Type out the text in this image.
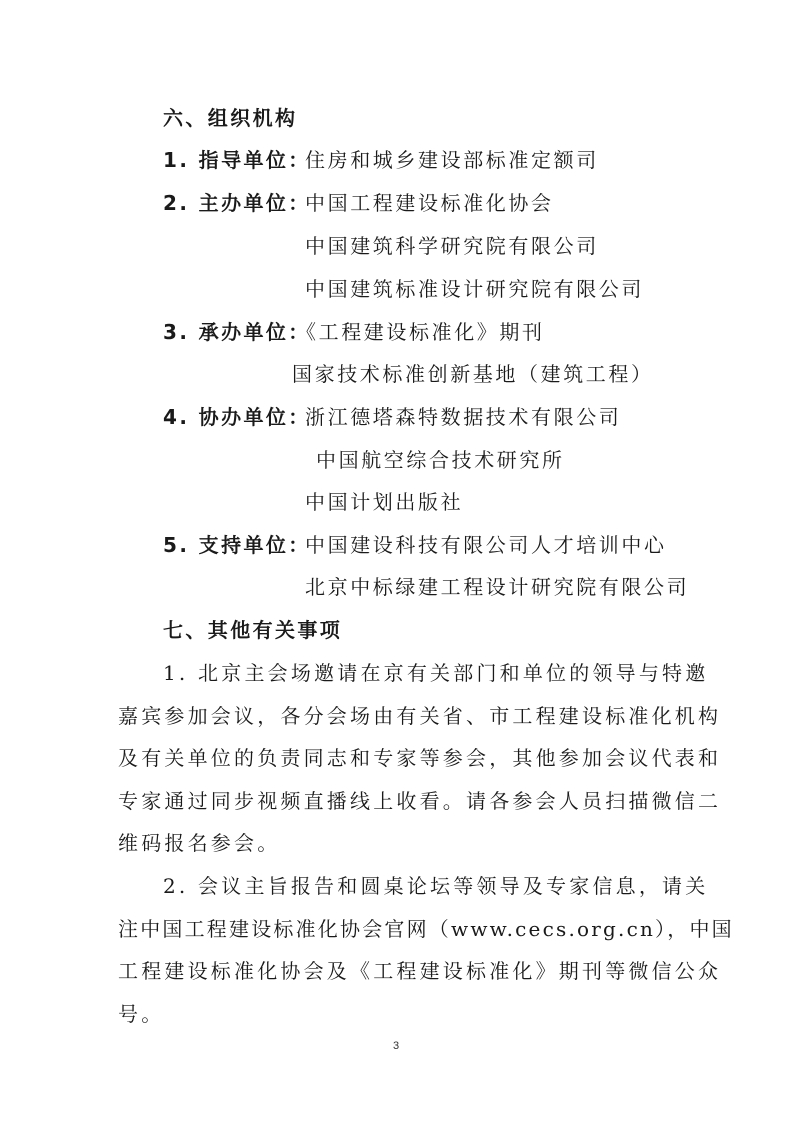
六、组织机构
1. 指导单位：
住房和城乡建设部标准定额司
2. 主办单位：
中国工程建设标准化协会
中国建筑科学研究院有限公司
中国建筑标准设计研究院有限公司
3. 承办单位：
《工程建设标准化》期刊
国家技术标准创新基地（建筑工程）
4. 协办单位：
浙江德塔森特数据技术有限公司
中国航空综合技术研究所
中国计划出版社
5. 支持单位：
中国建设科技有限公司人才培训中心
北京中标绿建工程设计研究院有限公司
七、其他有关事项
1. 北京主会场邀请在京有关部门和单位的领导与特邀
嘉宾参加会议，各分会场由有关省、市工程建设标准化机构
及有关单位的负责同志和专家等参会，其他参加会议代表和
专家通过同步视频直播线上收看。请各参会人员扫描微信二
维码报名参会。
2. 会议主旨报告和圆桌论坛等领导及专家信息，请关
注中国工程建设标准化协会官网（www.cecs.org.cn），中国
工程建设标准化协会及《工程建设标准化》期刊等微信公众
号。
3
